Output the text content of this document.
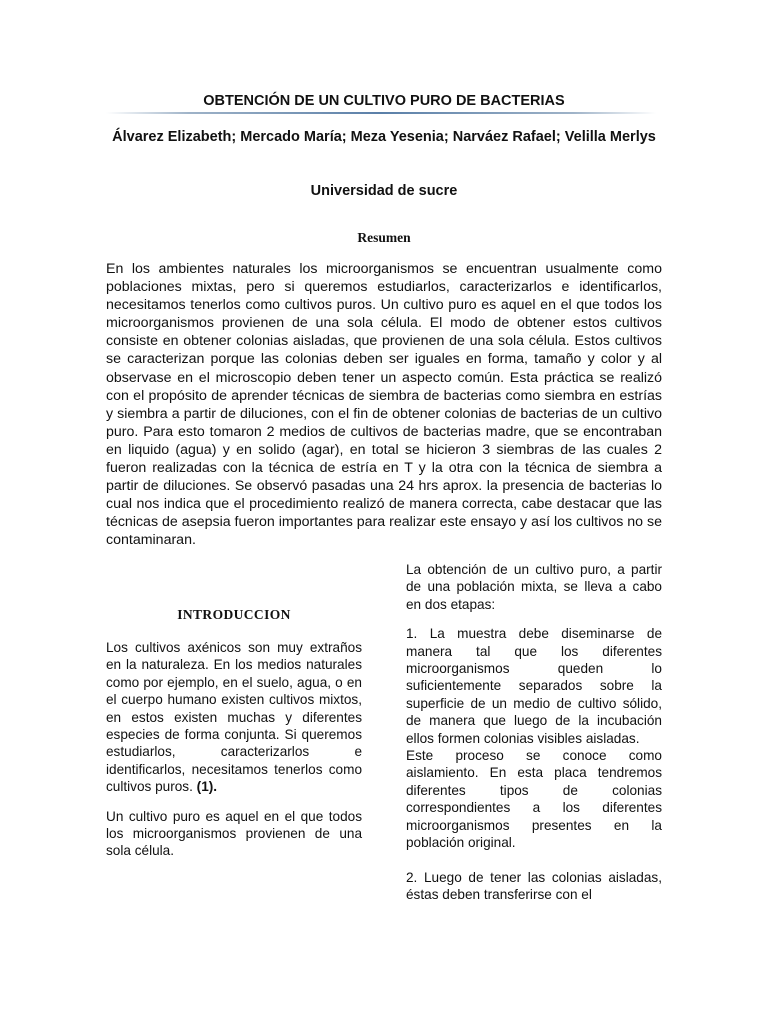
OBTENCIÓN DE UN CULTIVO PURO DE BACTERIAS
Álvarez Elizabeth; Mercado María; Meza Yesenia; Narváez Rafael; Velilla Merlys
Universidad de sucre
Resumen

En los ambientes naturales los microorganismos se encuentran usualmente como poblaciones mixtas, pero si queremos estudiarlos, caracterizarlos e identificarlos, necesitamos tenerlos como cultivos puros. Un cultivo puro es aquel en el que todos los microorganismos provienen de una sola célula. El modo de obtener estos cultivos consiste en obtener colonias aisladas, que provienen de una sola célula. Estos cultivos se caracterizan porque las colonias deben ser iguales en forma, tamaño y color y al observase en el microscopio deben tener un aspecto común. Esta práctica se realizó con el propósito de aprender técnicas de siembra de bacterias como siembra en estrías y siembra a partir de diluciones, con el fin de obtener colonias de bacterias de un cultivo puro. Para esto tomaron 2 medios de cultivos de bacterias madre, que se encontraban en liquido (agua) y en solido (agar), en total se hicieron 3 siembras de las cuales 2 fueron realizadas con la técnica de estría en T y la otra con la técnica de siembra a partir de diluciones. Se observó pasadas una 24 hrs aprox. la presencia de bacterias lo cual nos indica que el procedimiento realizó de manera correcta, cabe destacar que las técnicas de asepsia fueron importantes para realizar este ensayo y así los cultivos no se contaminaran.

INTRODUCCION

Los cultivos axénicos son muy extraños en la naturaleza. En los medios naturales como por ejemplo, en el suelo, agua, o en el cuerpo humano existen cultivos mixtos, en estos existen muchas y diferentes especies de forma conjunta. Si queremos estudiarlos, caracterizarlos e identificarlos, necesitamos tenerlos como cultivos puros. (1).

Un cultivo puro es aquel en el que todos los microorganismos provienen de una sola célula.

La obtención de un cultivo puro, a partir de una población mixta, se lleva a cabo en dos etapas:

1. La muestra debe diseminarse de manera tal que los diferentes microorganismos queden lo suficientemente separados sobre la superficie de un medio de cultivo sólido, de manera que luego de la incubación ellos formen colonias visibles aisladas.

Este proceso se conoce como aislamiento. En esta placa tendremos diferentes tipos de colonias correspondientes a los diferentes microorganismos presentes en la población original.

2. Luego de tener las colonias aisladas, éstas deben transferirse con el
